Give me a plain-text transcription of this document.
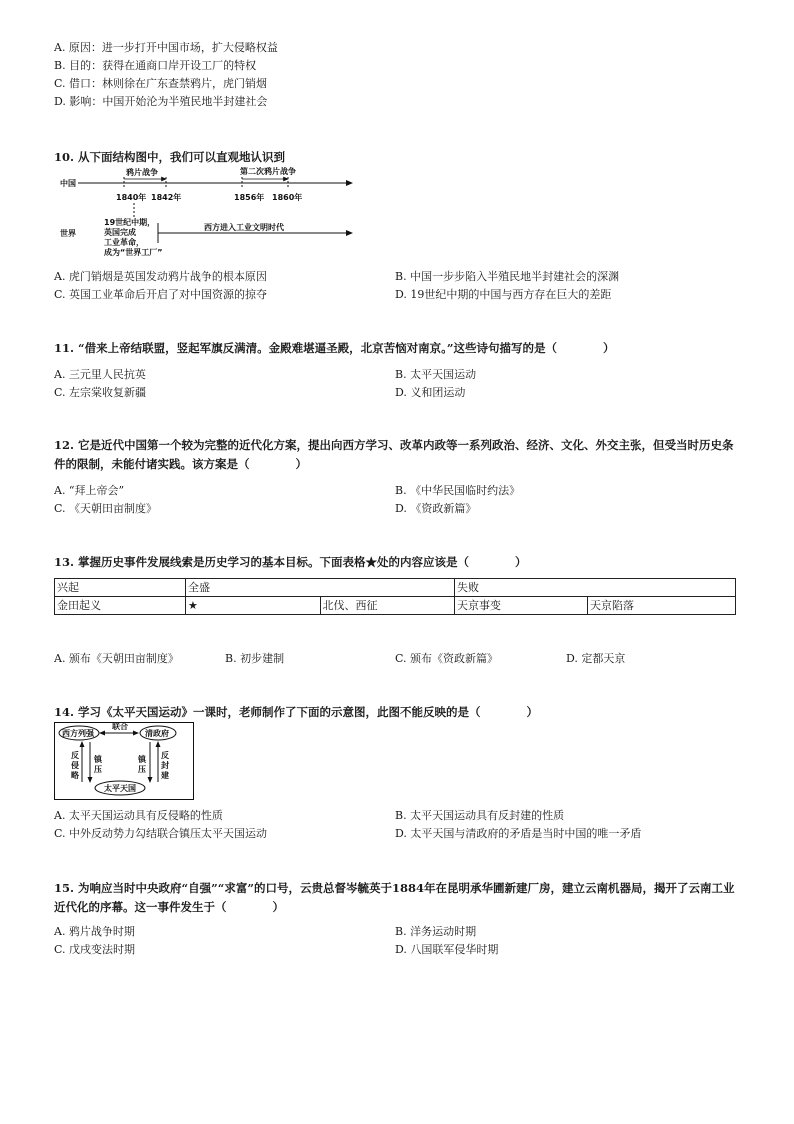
A. 原因：进一步打开中国市场，扩大侵略权益
B. 目的：获得在通商口岸开设工厂的特权
C. 借口：林则徐在广东查禁鸦片，虎门销烟
D. 影响：中国开始沦为半殖民地半封建社会
10. 从下面结构图中，我们可以直观地认识到
中国
鸦片战争	第二次鸦片战争
1840年 1842年	1856年 1860年
世界
19世纪中期，
英国完成
工业革命，
成为“世界工厂”
西方进入工业文明时代
A. 虎门销烟是英国发动鸦片战争的根本原因	B. 中国一步步陷入半殖民地半封建社会的深渊
C. 英国工业革命后开启了对中国资源的掠夺	D. 19世纪中期的中国与西方存在巨大的差距
11. “借来上帝结联盟，竖起军旗反满清。金殿难堪逼圣殿，北京苦恼对南京。”这些诗句描写的是（　　　　）
A. 三元里人民抗英	B. 太平天国运动
C. 左宗棠收复新疆	D. 义和团运动
12. 它是近代中国第一个较为完整的近代化方案，提出向西方学习、改革内政等一系列政治、经济、文化、外交主张，但受当时历史条件的限制，未能付诸实践。该方案是（　　　　）
A. “拜上帝会”	B. 《中华民国临时约法》
C. 《天朝田亩制度》	D. 《资政新篇》
13. 掌握历史事件发展线索是历史学习的基本目标。下面表格★处的内容应该是（　　　　）
兴起	全盛		失败	
金田起义	★	北伐、西征	天京事变	天京陷落
A. 颁布《天朝田亩制度》	B. 初步建制	C. 颁布《资政新篇》	D. 定都天京
14. 学习《太平天国运动》一课时，老师制作了下面的示意图，此图不能反映的是（　　　　）
西方列强	清政府
联合
太平天国
反
侵
略
镇
压
镇
压
反
封
建
A. 太平天国运动具有反侵略的性质	B. 太平天国运动具有反封建的性质
C. 中外反动势力勾结联合镇压太平天国运动	D. 太平天国与清政府的矛盾是当时中国的唯一矛盾
15. 为响应当时中央政府“自强”“求富”的口号，云贵总督岑毓英于1884年在昆明承华圃新建厂房，建立云南机器局，揭开了云南工业近代化的序幕。这一事件发生于（　　　　）
A. 鸦片战争时期	B. 洋务运动时期
C. 戊戌变法时期	D. 八国联军侵华时期
